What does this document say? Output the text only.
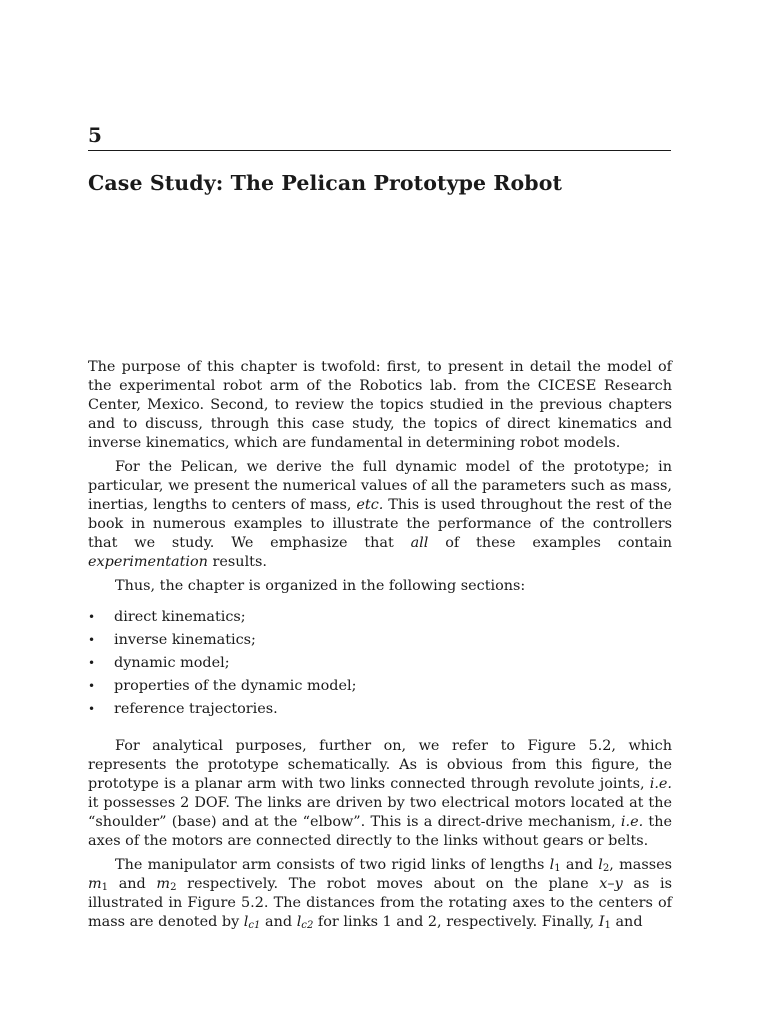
5
Case Study: The Pelican Prototype Robot

The purpose of this chapter is twofold: first, to present in detail the model of the experimental robot arm of the Robotics lab. from the CICESE Research Center, Mexico. Second, to review the topics studied in the previous chapters and to discuss, through this case study, the topics of direct kinematics and inverse kinematics, which are fundamental in determining robot models.

For the Pelican, we derive the full dynamic model of the prototype; in particular, we present the numerical values of all the parameters such as mass, inertias, lengths to centers of mass, etc. This is used throughout the rest of the book in numerous examples to illustrate the performance of the controllers that we study. We emphasize that all of these examples contain experimentation results.

Thus, the chapter is organized in the following sections:

• direct kinematics;
• inverse kinematics;
• dynamic model;
• properties of the dynamic model;
• reference trajectories.

For analytical purposes, further on, we refer to Figure 5.2, which represents the prototype schematically. As is obvious from this figure, the prototype is a planar arm with two links connected through revolute joints, i.e. it possesses 2 DOF. The links are driven by two electrical motors located at the “shoulder” (base) and at the “elbow”. This is a direct-drive mechanism, i.e. the axes of the motors are connected directly to the links without gears or belts.

The manipulator arm consists of two rigid links of lengths $l_1$ and $l_2$, masses $m_1$ and $m_2$ respectively. The robot moves about on the plane x–y as is illustrated in Figure 5.2. The distances from the rotating axes to the centers of mass are denoted by $l_{c1}$ and $l_{c2}$ for links 1 and 2, respectively. Finally, $I_1$ and
